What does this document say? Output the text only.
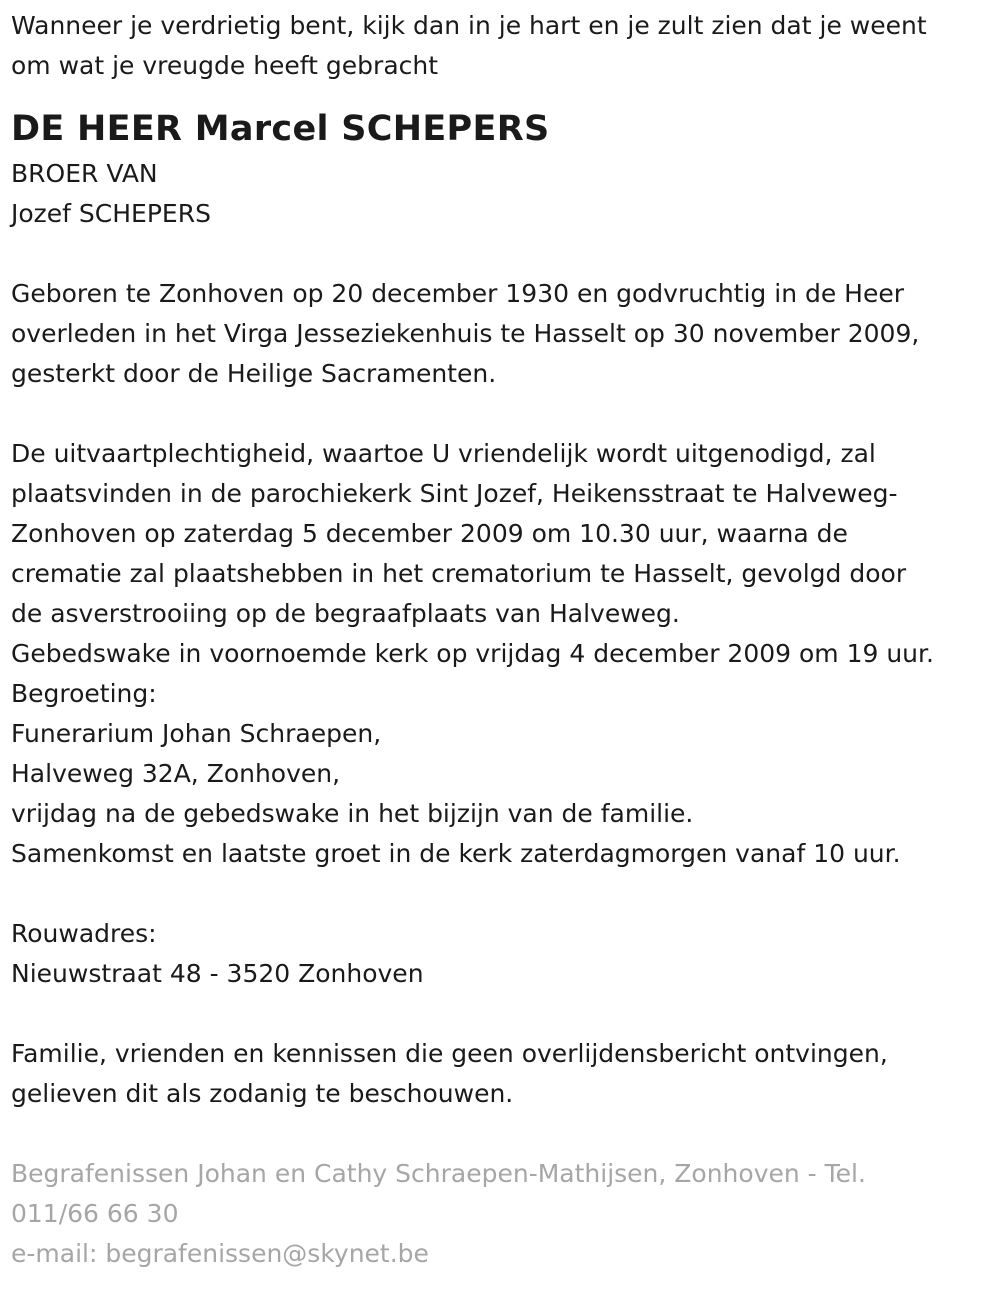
Wanneer je verdrietig bent, kijk dan in je hart en je zult zien dat je weent

om wat je vreugde heeft gebracht

DE HEER Marcel SCHEPERS

BROER VAN

Jozef SCHEPERS

Geboren te Zonhoven op 20 december 1930 en godvruchtig in de Heer

overleden in het Virga Jesseziekenhuis te Hasselt op 30 november 2009,

gesterkt door de Heilige Sacramenten.

De uitvaartplechtigheid, waartoe U vriendelijk wordt uitgenodigd, zal

plaatsvinden in de parochiekerk Sint Jozef, Heikensstraat te Halveweg-

Zonhoven op zaterdag 5 december 2009 om 10.30 uur, waarna de

crematie zal plaatshebben in het crematorium te Hasselt, gevolgd door

de asverstrooiing op de begraafplaats van Halveweg.

Gebedswake in voornoemde kerk op vrijdag 4 december 2009 om 19 uur.

Begroeting:

Funerarium Johan Schraepen,

Halveweg 32A, Zonhoven,

vrijdag na de gebedswake in het bijzijn van de familie.

Samenkomst en laatste groet in de kerk zaterdagmorgen vanaf 10 uur.

Rouwadres:

Nieuwstraat 48 - 3520 Zonhoven

Familie, vrienden en kennissen die geen overlijdensbericht ontvingen,

gelieven dit als zodanig te beschouwen.

Begrafenissen Johan en Cathy Schraepen-Mathijsen, Zonhoven - Tel.

011/66 66 30

e-mail: begrafenissen@skynet.be
